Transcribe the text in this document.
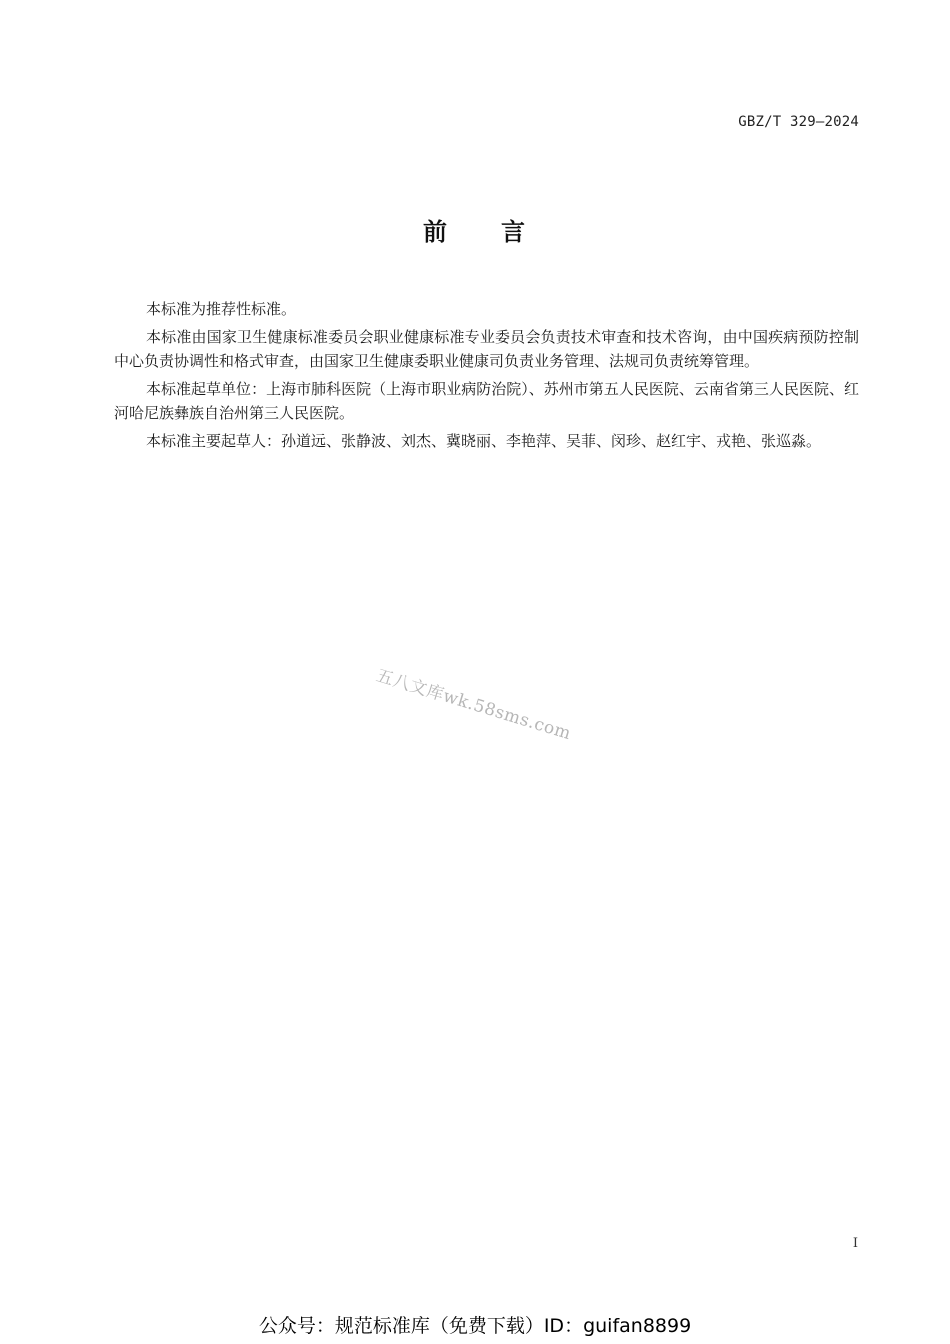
GBZ/T 329—2024
前 言

本标准为推荐性标准。

本标准由国家卫生健康标准委员会职业健康标准专业委员会负责技术审查和技术咨询，由中国疾病预防控制中心负责协调性和格式审查，由国家卫生健康委职业健康司负责业务管理、法规司负责统筹管理。

本标准起草单位：上海市肺科医院（上海市职业病防治院）、苏州市第五人民医院、云南省第三人民医院、红河哈尼族彝族自治州第三人民医院。

本标准主要起草人：孙道远、张静波、刘杰、冀晓丽、李艳萍、吴菲、闵珍、赵红宇、戎艳、张巡淼。

五八文库wk.58sms.com
I
公众号：规范标准库（免费下载）ID：guifan8899
